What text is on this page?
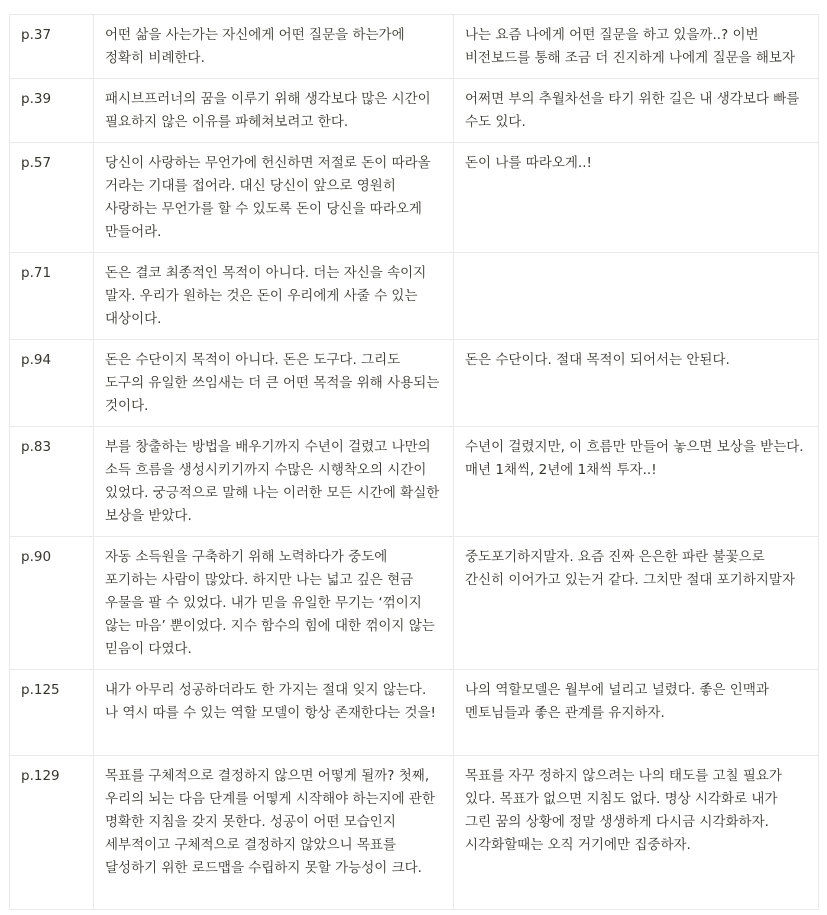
p.37	어떤 삶을 사는가는 자신에게 어떤 질문을 하는가에 정확히 비례한다.	나는 요즘 나에게 어떤 질문을 하고 있을까..? 이번 비전보드를 통해 조금 더 진지하게 나에게 질문을 해보자
p.39	패시브프러너의 꿈을 이루기 위해 생각보다 많은 시간이 필요하지 않은 이유를 파헤쳐보려고 한다.	어쩌면 부의 추월차선을 타기 위한 길은 내 생각보다 빠를 수도 있다.
p.57	당신이 사랑하는 무언가에 헌신하면 저절로 돈이 따라올 거라는 기대를 접어라. 대신 당신이 앞으로 영원히 사랑하는 무언가를 할 수 있도록 돈이 당신을 따라오게 만들어라.	돈이 나를 따라오게..!
p.71	돈은 결코 최종적인 목적이 아니다. 더는 자신을 속이지 말자. 우리가 원하는 것은 돈이 우리에게 사줄 수 있는 대상이다.	
p.94	돈은 수단이지 목적이 아니다. 돈은 도구다. 그리도 도구의 유일한 쓰임새는 더 큰 어떤 목적을 위해 사용되는 것이다.	돈은 수단이다. 절대 목적이 되어서는 안된다.
p.83	부를 창출하는 방법을 배우기까지 수년이 걸렸고 나만의 소득 흐름을 생성시키기까지 수많은 시행착오의 시간이 있었다. 궁긍적으로 말해 나는 이러한 모든 시간에 확실한 보상을 받았다.	수년이 걸렸지만, 이 흐름만 만들어 놓으면 보상을 받는다. 매년 1채씩, 2년에 1채씩 투자..!
p.90	자동 소득원을 구축하기 위해 노력하다가 중도에 포기하는 사람이 많았다. 하지만 나는 넓고 깊은 현금 우물을 팔 수 있었다. 내가 믿을 유일한 무기는 ‘꺾이지 않는 마음’ 뿐이었다. 지수 함수의 힘에 대한 꺾이지 않는 믿음이 다였다.	중도포기하지말자. 요즘 진짜 은은한 파란 불꽃으로 간신히 이어가고 있는거 같다. 그치만 절대 포기하지말자
p.125	내가 아무리 성공하더라도 한 가지는 절대 잊지 않는다. 나 역시 따를 수 있는 역할 모델이 항상 존재한다는 것을!	나의 역할모델은 월부에 널리고 널렸다. 좋은 인맥과 멘토님들과 좋은 관계를 유지하자.
p.129	목표를 구체적으로 결정하지 않으면 어떻게 될까? 첫째, 우리의 뇌는 다음 단계를 어떻게 시작해야 하는지에 관한 명확한 지침을 갖지 못한다. 성공이 어떤 모습인지 세부적이고 구체적으로 결정하지 않았으니 목표를 달성하기 위한 로드맵을 수립하지 못할 가능성이 크다.	목표를 자꾸 정하지 않으려는 나의 태도를 고칠 필요가 있다. 목표가 없으면 지침도 없다. 명상 시각화로 내가 그린 꿈의 상황에 정말 생생하게 다시금 시각화하자. 시각화할때는 오직 거기에만 집중하자.
